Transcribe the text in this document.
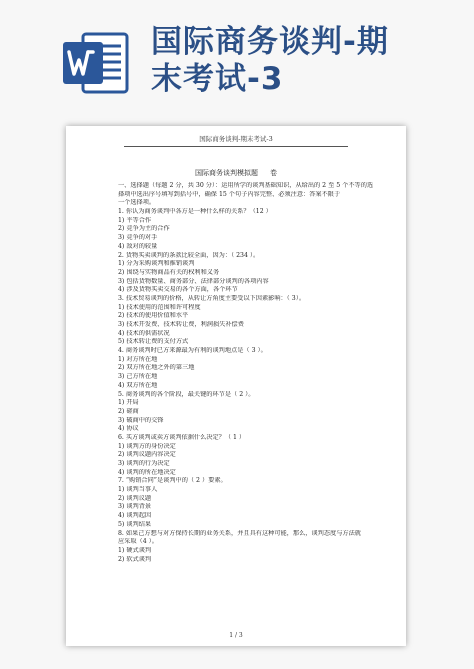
国际商务谈判-期
末考试-3
国际商务谈判-期末考试-3
国际商务谈判模拟题 卷
一、选择题（每题 2 分，共 30 分）：运用所学的谈判基础知识，从给出的 2 至 5 个不等的选
择项中选出序号填写到括号中，确保 15 个句子内容完整、必须注意：答案不限于
一个选择项。
1. 你认为商务谈判中各方是一种什么样的关系？（12 ）
1) 平等合作
2) 竞争为主的合作
3) 竞争的对手
4) 敌对的较量
2. 货物买卖谈判的条款比较全面，因为：（ 234 ）。
1) 分为采购谈判和推销谈判
2) 围绕与实物商品有关的权利和义务
3) 包括货物数量、商务部分、法律部分谈判的各项内容
4) 涉及货物买卖交易的各个方面，各个环节
3. 技术贸易谈判的价格，从转让方角度主要受以下因素影响：（ 3）。
1) 技术使用的范围和许可程度
2) 技术的使用价值和水平
3) 技术开发费、技术转让费，利润损失补偿费
4) 技术的供需状况
5) 技术转让费的支付方式
4. 商务谈判时已方来源最为有利的谈判地点是（ 3 ）。
1) 对方所在地
2) 双方所在地之外的第三地
3) 己方所在地
4) 双方所在地
5. 商务谈判的各个阶段，最关键的环节是（ 2 ）。
1) 开局
2) 磋商
3) 破商中的交锋
4) 协议
6. 买方谈判或卖方谈判依据什么决定？（ 1 ）
1) 谈判方的身份决定
2) 谈判议题内容决定
3) 谈判的行为决定
4) 谈判的所在地决定
7. “购销合同”是谈判中的（ 2 ）要素。
1) 谈判当事人
2) 谈判议题
3) 谈判背景
4) 谈判起因
5) 谈判结果
8. 如果己方想与对方保持长期的业务关系，并且具有这种可能，那么，谈判态度与方法就
应采取（4 ）。
1) 硬式谈判
2) 软式谈判
1 / 3
